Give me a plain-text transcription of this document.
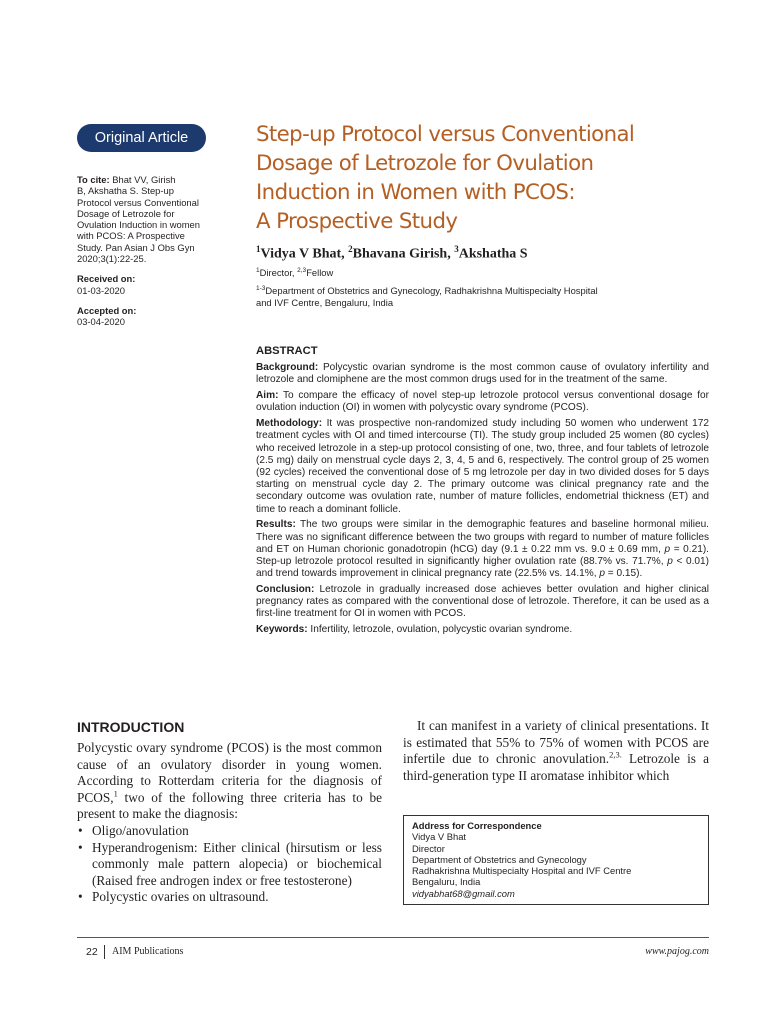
Original Article
To cite: Bhat VV, Girish
B, Akshatha S. Step-up
Protocol versus Conventional
Dosage of Letrozole for
Ovulation Induction in women
with PCOS: A Prospective
Study. Pan Asian J Obs Gyn
2020;3(1):22-25.
Received on:
01-03-2020
Accepted on:
03-04-2020
Step-up Protocol versus Conventional
Dosage of Letrozole for Ovulation
Induction in Women with PCOS:
A Prospective Study
$^1$Vidya V Bhat, $^2$Bhavana Girish, $^3$Akshatha S
$^1$Director, $^{2,3}$Fellow
$^{1-3}$Department of Obstetrics and Gynecology, Radhakrishna Multispecialty Hospital
and IVF Centre, Bengaluru, India
ABSTRACT

Background: Polycystic ovarian syndrome is the most common cause of ovulatory infertility and letrozole and clomiphene are the most common drugs used for in the treatment of the same.

Aim: To compare the efficacy of novel step-up letrozole protocol versus conventional dosage for ovulation induction (OI) in women with polycystic ovary syndrome (PCOS).

Methodology: It was prospective non-randomized study including 50 women who underwent 172 treatment cycles with OI and timed intercourse (TI). The study group included 25 women (80 cycles) who received letrozole in a step-up protocol consisting of one, two, three, and four tablets of letrozole (2.5 mg) daily on menstrual cycle days 2, 3, 4, 5 and 6, respectively. The control group of 25 women (92 cycles) received the conventional dose of 5 mg letrozole per day in two divided doses for 5 days starting on menstrual cycle day 2. The primary outcome was clinical pregnancy rate and the secondary outcome was ovulation rate, number of mature follicles, endometrial thickness (ET) and time to reach a dominant follicle.

Results: The two groups were similar in the demographic features and baseline hormonal milieu. There was no significant difference between the two groups with regard to number of mature follicles and ET on Human chorionic gonadotropin (hCG) day (9.1 ± 0.22 mm vs. 9.0 ± 0.69 mm, p = 0.21). Step-up letrozole protocol resulted in significantly higher ovulation rate (88.7% vs. 71.7%, p < 0.01) and trend towards improvement in clinical pregnancy rate (22.5% vs. 14.1%, p = 0.15).

Conclusion: Letrozole in gradually increased dose achieves better ovulation and higher clinical pregnancy rates as compared with the conventional dose of letrozole. Therefore, it can be used as a first-line treatment for OI in women with PCOS.

Keywords: Infertility, letrozole, ovulation, polycystic ovarian syndrome.

INTRODUCTION

Polycystic ovary syndrome (PCOS) is the most common cause of an ovulatory disorder in young women. According to Rotterdam criteria for the diagnosis of PCOS,$^1$ two of the following three criteria has to be present to make the diagnosis:

• Oligo/anovulation
• Hyperandrogenism: Either clinical (hirsutism or less commonly male pattern alopecia) or biochemical (Raised free androgen index or free testosterone)
• Polycystic ovaries on ultrasound.
It can manifest in a variety of clinical presentations. It is estimated that 55% to 75% of women with PCOS are infertile due to chronic anovulation.$^{2,3.}$ Letrozole is a third-generation type II aromatase inhibitor which
Address for Correspondence
Vidya V Bhat
Director
Department of Obstetrics and Gynecology
Radhakrishna Multispecialty Hospital and IVF Centre
Bengaluru, India
vidyabhat68@gmail.com
22 AIM Publications	www.pajog.com
